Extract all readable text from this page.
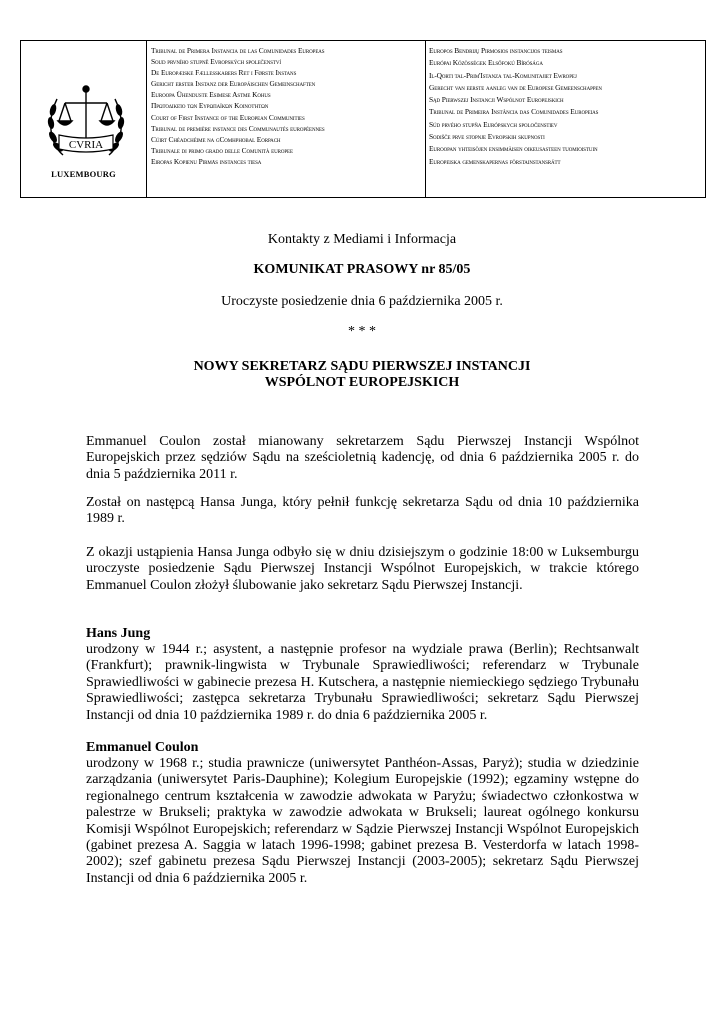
CVRIA
LUXEMBOURG
Tribunal de Primera Instancia de las Comunidades Europeas
Soud prvního stupně Evropských společenství
De Europæiske Fællesskabers Ret i Første Instans
Gericht erster Instanz der Europäischen Gemeinschaften
Euroopa Ühenduste Esimese Astme Kohus
Πρωτοδικείο των Ευρωπαϊκών Κοινοτήτων
Court of First Instance of the European Communities
Tribunal de première instance des Communautés européennes
Cúirt Chéadchéime na gComhphobal Eorpach
Tribunale di primo grado delle Comunità europee
Eiropas Kopienu Pirmās instances tiesa
Europos Bendrijų Pirmosios instancijos teismas
Európai Közösségek Elsőfokú Bírósága
Il-Qorti tal-Prim'Istanza tal-Komunitajiet Ewropej
Gerecht van eerste aanleg van de Europese Gemeenschappen
Sąd Pierwszej Instancji Wspólnot Europejskich
Tribunal de Primeira Instância das Comunidades Europeias
Súd prvého stupňa Európskych spoločenstiev
Sodišče prve stopnje Evropskih skupnosti
Euroopan yhteisöjen ensimmäisen oikeusasteen tuomioistuin
Europeiska gemenskapernas förstainstansrätt
Kontakty z Mediami i Informacja
KOMUNIKAT PRASOWY nr 85/05
Uroczyste posiedzenie dnia 6 października 2005 r.
* * *
NOWY SEKRETARZ SĄDU PIERWSZEJ INSTANCJI
WSPÓLNOT EUROPEJSKICH
Emmanuel Coulon został mianowany sekretarzem Sądu Pierwszej Instancji Wspólnot Europejskich przez sędziów Sądu na sześcioletnią kadencję, od dnia 6 października 2005 r. do dnia 5 października 2011 r.
Został on następcą Hansa Junga, który pełnił funkcję sekretarza Sądu od dnia 10 października 1989 r.
Z okazji ustąpienia Hansa Junga odbyło się w dniu dzisiejszym o godzinie 18:00 w Luksemburgu uroczyste posiedzenie Sądu Pierwszej Instancji Wspólnot Europejskich, w trakcie którego Emmanuel Coulon złożył ślubowanie jako sekretarz Sądu Pierwszej Instancji.
Hans Jung
urodzony w 1944 r.; asystent, a następnie profesor na wydziale prawa (Berlin); Rechtsanwalt (Frankfurt); prawnik-lingwista w Trybunale Sprawiedliwości; referendarz w Trybunale Sprawiedliwości w gabinecie prezesa H. Kutschera, a następnie niemieckiego sędziego Trybunału Sprawiedliwości; zastępca sekretarza Trybunału Sprawiedliwości; sekretarz Sądu Pierwszej Instancji od dnia 10 października 1989 r. do dnia 6 października 2005 r.
Emmanuel Coulon
urodzony w 1968 r.; studia prawnicze (uniwersytet Panthéon-Assas, Paryż); studia w dziedzinie zarządzania (uniwersytet Paris-Dauphine); Kolegium Europejskie (1992); egzaminy wstępne do regionalnego centrum kształcenia w zawodzie adwokata w Paryżu; świadectwo członkostwa w palestrze w Brukseli; praktyka w zawodzie adwokata w Brukseli; laureat ogólnego konkursu Komisji Wspólnot Europejskich; referendarz w Sądzie Pierwszej Instancji Wspólnot Europejskich (gabinet prezesa A. Saggia w latach 1996-1998; gabinet prezesa B. Vesterdorfa w latach 1998-2002); szef gabinetu prezesa Sądu Pierwszej Instancji (2003-2005); sekretarz Sądu Pierwszej Instancji od dnia 6 października 2005 r.
